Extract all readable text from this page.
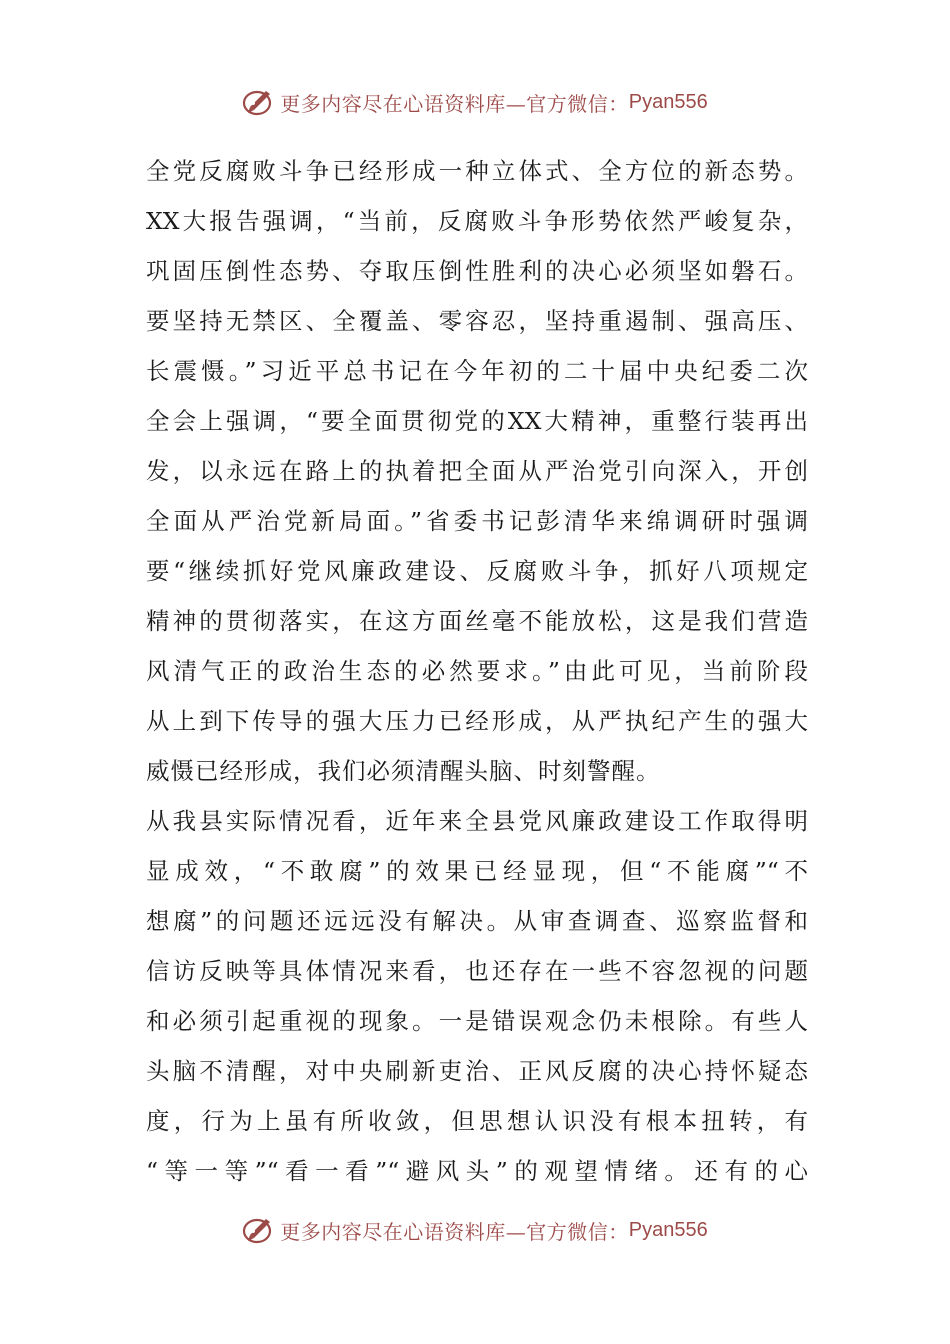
更多内容尽在心语资料库—官方微信： Pyan556
全党反腐败斗争已经形成一种立体式、全方位的新态势。
XX大报告强调，“当前，反腐败斗争形势依然严峻复杂，
巩固压倒性态势、夺取压倒性胜利的决心必须坚如磐石。
要坚持无禁区、全覆盖、零容忍，坚持重遏制、强高压、
长震慑。”习近平总书记在今年初的二十届中央纪委二次
全会上强调，“要全面贯彻党的XX大精神，重整行装再出
发，以永远在路上的执着把全面从严治党引向深入，开创
全面从严治党新局面。”省委书记彭清华来绵调研时强调
要“继续抓好党风廉政建设、反腐败斗争，抓好八项规定
精神的贯彻落实，在这方面丝毫不能放松，这是我们营造
风清气正的政治生态的必然要求。”由此可见，当前阶段
从上到下传导的强大压力已经形成，从严执纪产生的强大
威慑已经形成，我们必须清醒头脑、时刻警醒。
从我县实际情况看，近年来全县党风廉政建设工作取得明
显成效，“不敢腐”的效果已经显现，但“不能腐”“不
想腐”的问题还远远没有解决。从审查调查、巡察监督和
信访反映等具体情况来看，也还存在一些不容忽视的问题
和必须引起重视的现象。一是错误观念仍未根除。有些人
头脑不清醒，对中央刷新吏治、正风反腐的决心持怀疑态
度，行为上虽有所收敛，但思想认识没有根本扭转，有
“等一等”“看一看”“避风头”的观望情绪。还有的心
更多内容尽在心语资料库—官方微信： Pyan556
